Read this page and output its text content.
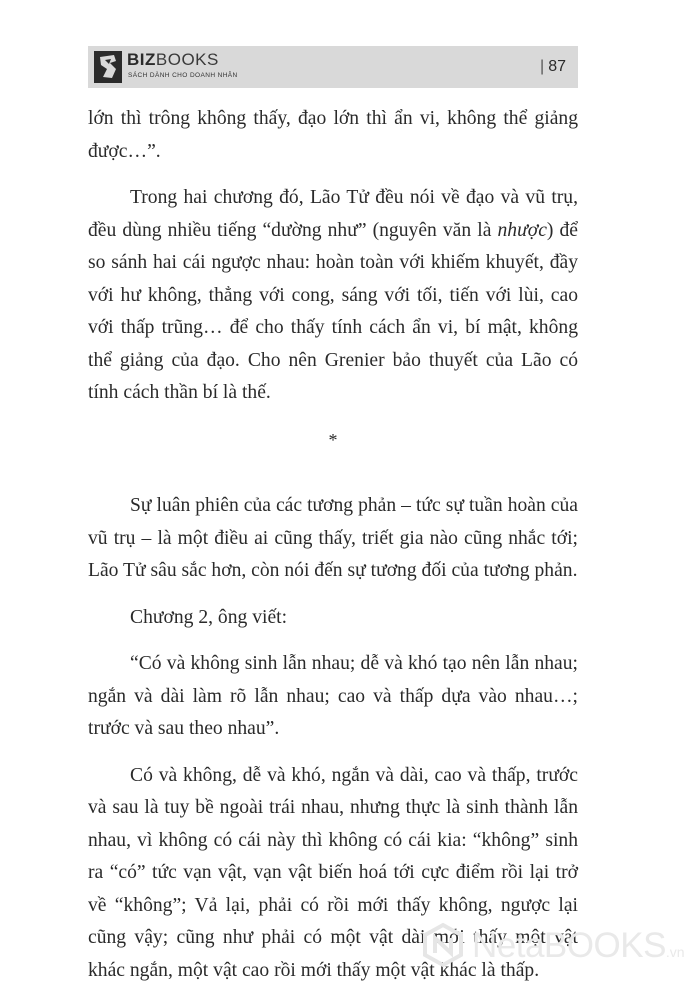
BIZBOOKS
SÁCH DÀNH CHO DOANH NHÂN
| 87

lớn thì trông không thấy, đạo lớn thì ẩn vi, không thể giảng được…”.

Trong hai chương đó, Lão Tử đều nói về đạo và vũ trụ, đều dùng nhiều tiếng “dường như” (nguyên văn là nhược) để so sánh hai cái ngược nhau: hoàn toàn với khiếm khuyết, đầy với hư không, thẳng với cong, sáng với tối, tiến với lùi, cao với thấp trũng… để cho thấy tính cách ẩn vi, bí mật, không thể giảng của đạo. Cho nên Grenier bảo thuyết của Lão có tính cách thần bí là thế.

*

Sự luân phiên của các tương phản – tức sự tuần hoàn của vũ trụ – là một điều ai cũng thấy, triết gia nào cũng nhắc tới; Lão Tử sâu sắc hơn, còn nói đến sự tương đối của tương phản.

Chương 2, ông viết:

“Có và không sinh lẫn nhau; dễ và khó tạo nên lẫn nhau; ngắn và dài làm rõ lẫn nhau; cao và thấp dựa vào nhau…; trước và sau theo nhau”.

Có và không, dễ và khó, ngắn và dài, cao và thấp, trước và sau là tuy bề ngoài trái nhau, nhưng thực là sinh thành lẫn nhau, vì không có cái này thì không có cái kia: “không” sinh ra “có” tức vạn vật, vạn vật biến hoá tới cực điểm rồi lại trở về “không”; Vả lại, phải có rồi mới thấy không, ngược lại cũng vậy; cũng như phải có một vật dài mới thấy một vật khác ngắn, một vật cao rồi mới thấy một vật khác là thấp.

NetaBOOKS.vn
